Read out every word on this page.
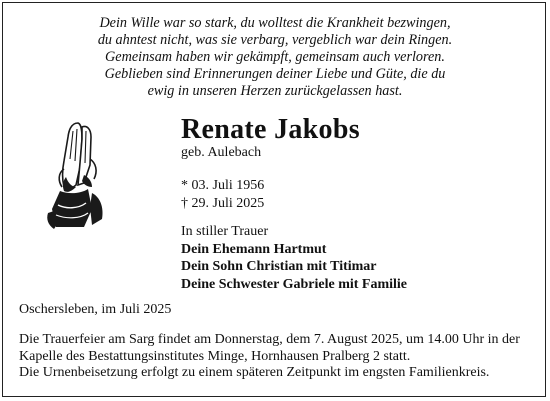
Dein Wille war so stark, du wolltest die Krankheit bezwingen,
du ahntest nicht, was sie verbarg, vergeblich war dein Ringen.
Gemeinsam haben wir gekämpft, gemeinsam auch verloren.
Geblieben sind Erinnerungen deiner Liebe und Güte, die du
ewig in unseren Herzen zurückgelassen hast.
Renate Jakobs
geb. Aulebach
* 03. Juli 1956
† 29. Juli 2025
In stiller Trauer
Dein Ehemann Hartmut
Dein Sohn Christian mit Titimar
Deine Schwester Gabriele mit Familie
Oschersleben, im Juli 2025
Die Trauerfeier am Sarg findet am Donnerstag, dem 7. August 2025, um 14.00 Uhr in der
Kapelle des Bestattungsinstitutes Minge, Hornhausen Pralberg 2 statt.
Die Urnenbeisetzung erfolgt zu einem späteren Zeitpunkt im engsten Familienkreis.
